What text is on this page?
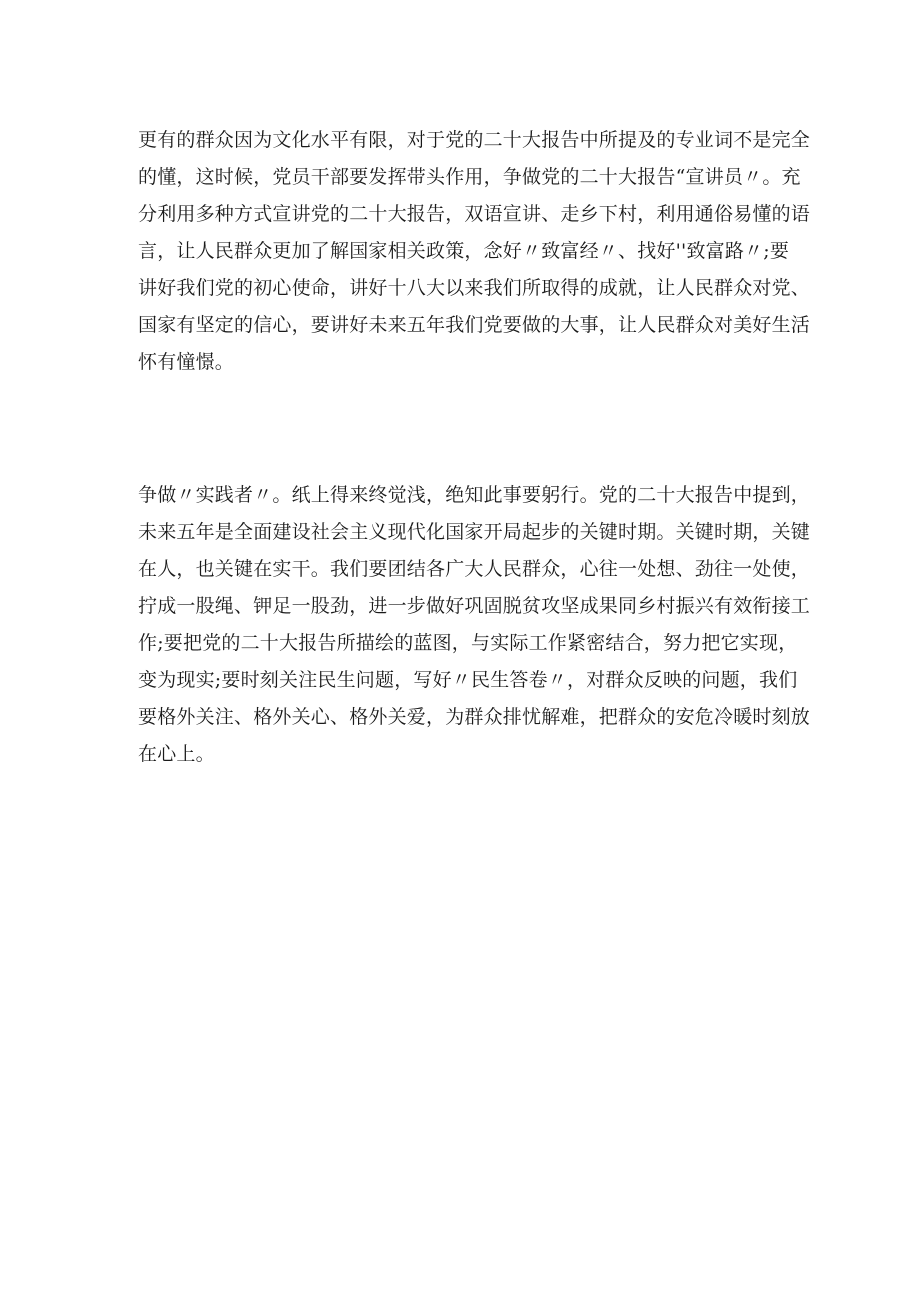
更有的群众因为文化水平有限，对于党的二十大报告中所提及的专业词不是完全
的懂，这时候，党员干部要发挥带头作用，争做党的二十大报告“宣讲员〃。充
分利用多种方式宣讲党的二十大报告，双语宣讲、走乡下村，利用通俗易懂的语
言，让人民群众更加了解国家相关政策，念好〃致富经〃、找好''致富路〃;要
讲好我们党的初心使命，讲好十八大以来我们所取得的成就，让人民群众对党、
国家有坚定的信心，要讲好未来五年我们党要做的大事，让人民群众对美好生活
怀有憧憬。
争做〃实践者〃。纸上得来终觉浅，绝知此事要躬行。党的二十大报告中提到，
未来五年是全面建设社会主义现代化国家开局起步的关键时期。关键时期，关键
在人，也关键在实干。我们要团结各广大人民群众，心往一处想、劲往一处使，
拧成一股绳、钾足一股劲，进一步做好巩固脱贫攻坚成果同乡村振兴有效衔接工
作;要把党的二十大报告所描绘的蓝图，与实际工作紧密结合，努力把它实现，
变为现实;要时刻关注民生问题，写好〃民生答卷〃，对群众反映的问题，我们
要格外关注、格外关心、格外关爱，为群众排忧解难，把群众的安危冷暖时刻放
在心上。
